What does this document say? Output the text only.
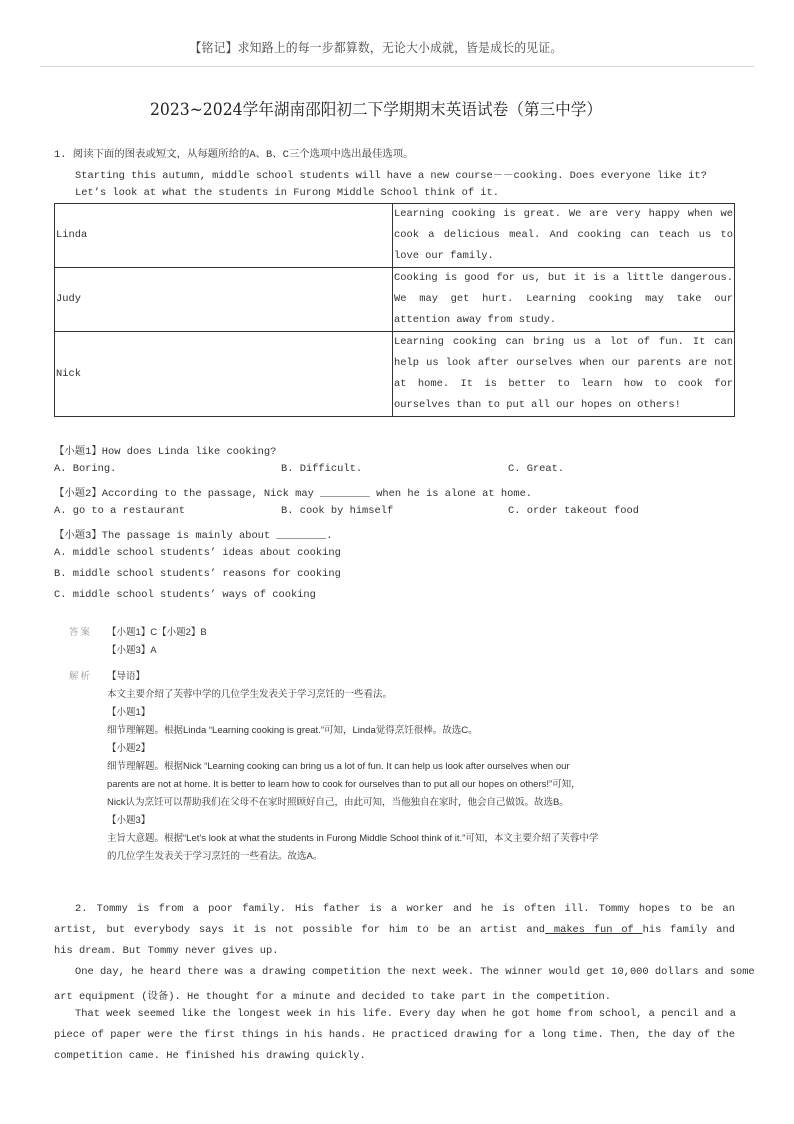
【铭记】求知路上的每一步都算数，无论大小成就，皆是成长的见证。
2023~2024学年湖南邵阳初二下学期期末英语试卷（第三中学）
1. 阅读下面的图表或短文，从每题所给的A、B、C三个选项中选出最佳选项。
Starting this autumn, middle school students will have a new course－－cooking. Does everyone like it?
Let’s look at what the students in Furong Middle School think of it.
Linda	Learning cooking is great. We are very happy when we cook a delicious meal. And cooking can teach us to love our family.
Judy	Cooking is good for us, but it is a little dangerous. We may get hurt. Learning cooking may take our attention away from study.
Nick	Learning cooking can bring us a lot of fun. It can help us look after ourselves when our parents are not at home. It is better to learn how to cook for ourselves than to put all our hopes on others!
【小题1】How does Linda like cooking?
A. Boring.	B. Difficult.	C. Great.
【小题2】According to the passage, Nick may ________ when he is alone at home.
A. go to a restaurant	B. cook by himself	C. order takeout food
【小题3】The passage is mainly about ________.
A. middle school students’ ideas about cooking
B. middle school students’ reasons for cooking
C. middle school students’ ways of cooking
答案 【小题1】C【小题2】B
【小题3】A
解析 【导语】
本文主要介绍了芙蓉中学的几位学生发表关于学习烹饪的一些看法。
【小题1】
细节理解题。根据Linda “Learning cooking is great.”可知，Linda觉得烹饪很棒。故选C。
【小题2】
细节理解题。根据Nick “Learning cooking can bring us a lot of fun. It can help us look after ourselves when our
parents are not at home. It is better to learn how to cook for ourselves than to put all our hopes on others!”可知，
Nick认为烹饪可以帮助我们在父母不在家时照顾好自己，由此可知，当他独自在家时，他会自己做饭。故选B。
【小题3】
主旨大意题。根据“Let’s look at what the students in Furong Middle School think of it.”可知，本文主要介绍了芙蓉中学
的几位学生发表关于学习烹饪的一些看法。故选A。
2. Tommy is from a poor family. His father is a worker and he is often ill. Tommy hopes to be an
artist, but everybody says it is not possible for him to be an artist and makes fun of his family and
his dream. But Tommy never gives up.
One day, he heard there was a drawing competition the next week. The winner would get 10,000 dollars and some
art equipment (设备). He thought for a minute and decided to take part in the competition.
That week seemed like the longest week in his life. Every day when he got home from school, a pencil and a
piece of paper were the first things in his hands. He practiced drawing for a long time. Then, the day of the
competition came. He finished his drawing quickly.
